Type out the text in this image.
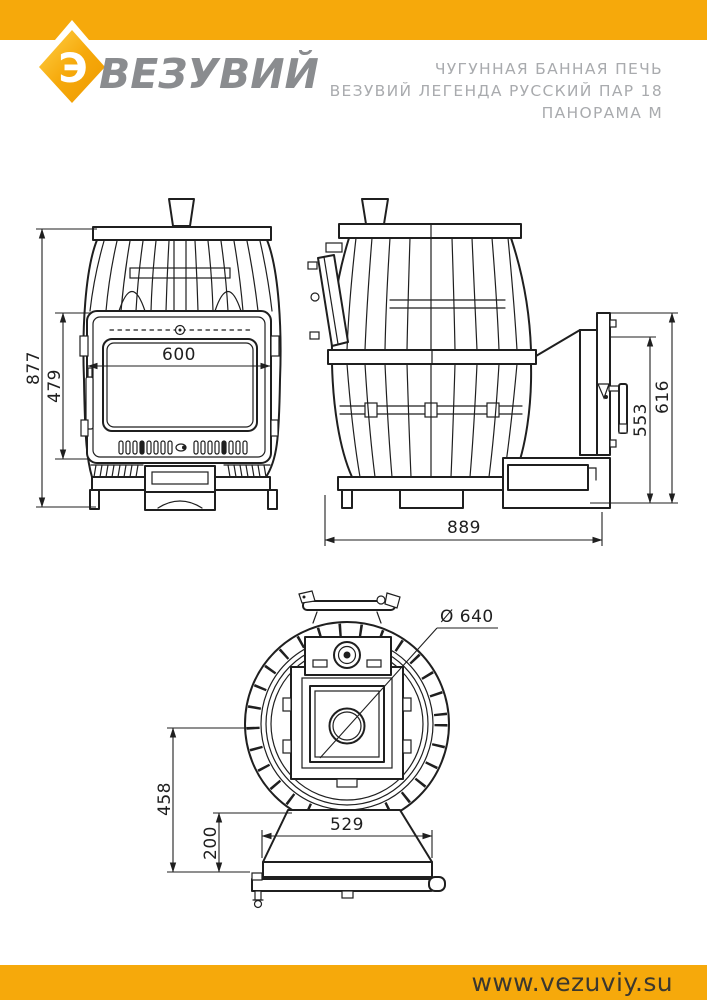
Э ВЕЗУВИЙ	ЧУГУННАЯ БАННАЯ ПЕЧЬ
ВЕЗУВИЙ ЛЕГЕНДА РУССКИЙ ПАР 18
ПАНОРАМА М
877
479
600
553
616
889
Ø 640
458
200
529
www.vezuviy.su
